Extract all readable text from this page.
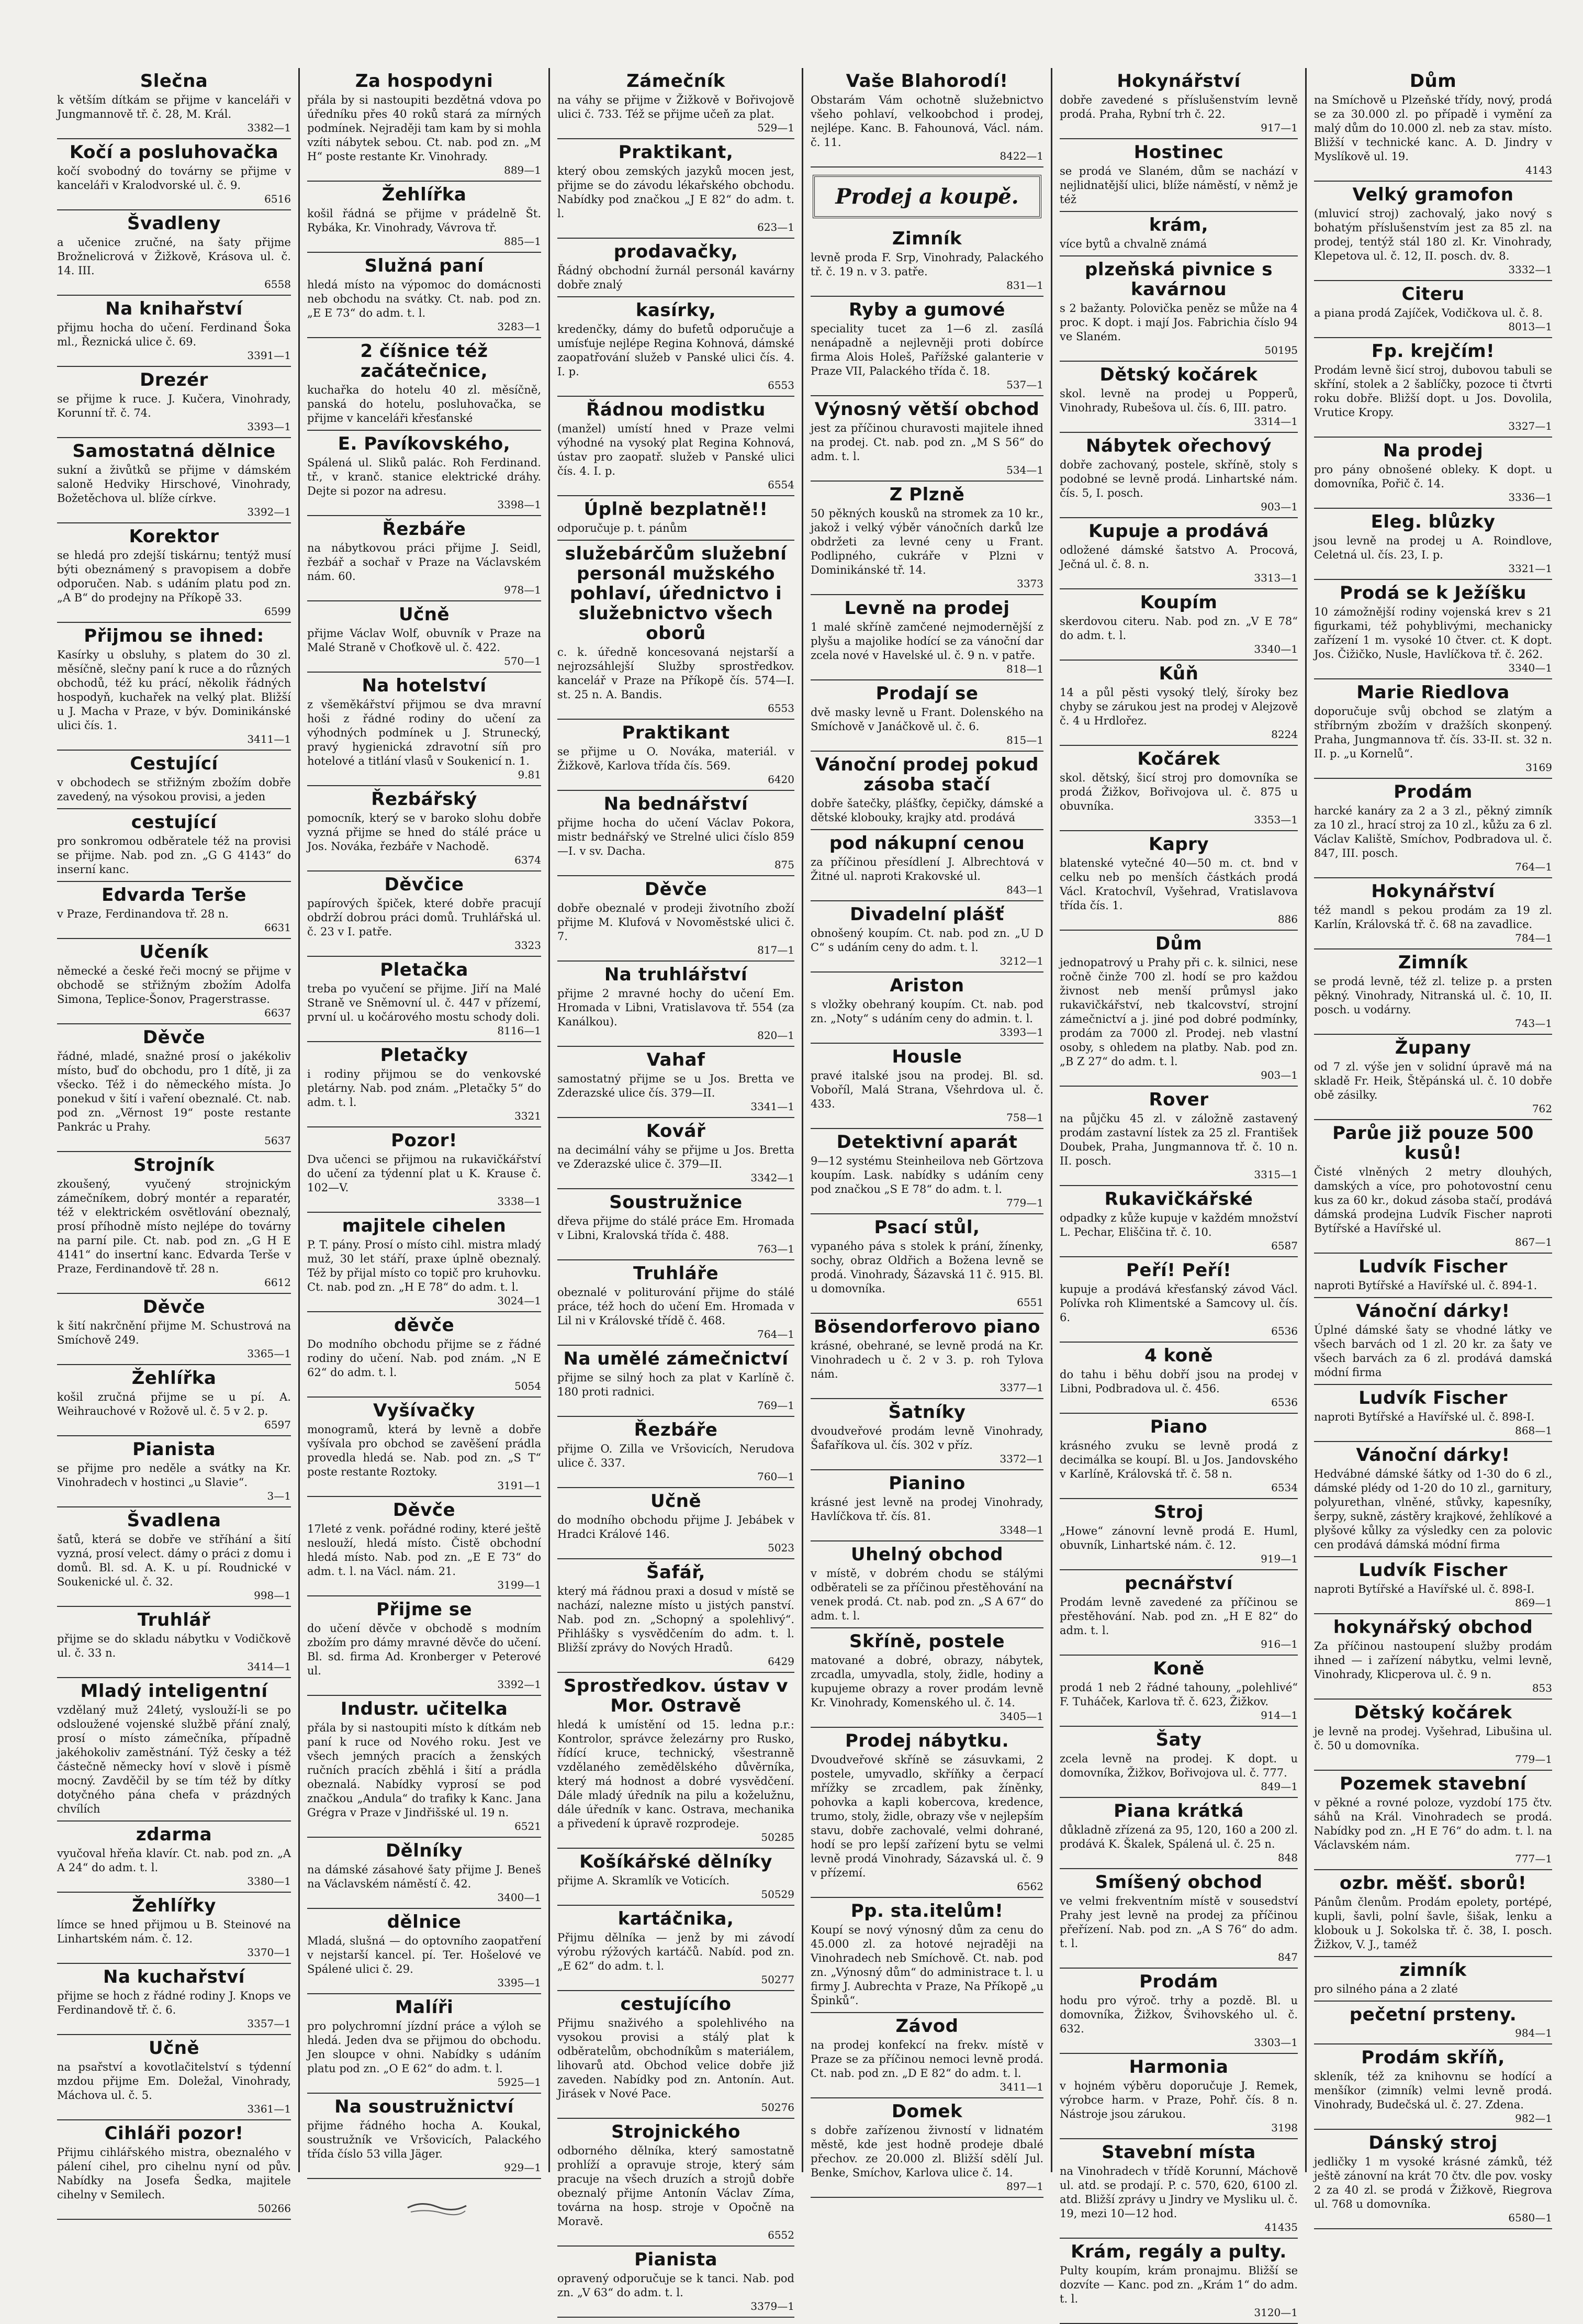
Slečna

k větším dítkám se přijme v kanceláři v Jungmannově tř. č. 28, M. Král.

3382—1
Kočí a posluhovačka

kočí svobodný do továrny se přijme v kanceláři v Kralodvorské ul. č. 9.

6516
Švadleny

a učenice zručné, na šaty přijme Brožnelicrová v Žižkově, Krásova ul. č. 14. III.

6558
Na knihařství

přijmu hocha do učení. Ferdinand Šoka ml., Řeznická ulice č. 69.

3391—1
Drezér

se přijme k ruce. J. Kučera, Vinohrady, Korunní tř. č. 74.

3393—1
Samostatná dělnice

sukní a živůtků se přijme v dámském saloně Hedviky Hirschové, Vinohrady, Božetěchova ul. blíže církve.

3392—1
Korektor

se hledá pro zdejší tiskárnu; tentýž musí býti obeznámený s pravopisem a dobře odporučen. Nab. s udáním platu pod zn. „A B“ do prodejny na Příkopě 33.

6599
Přijmou se ihned:

Kasírky u obsluhy, s platem do 30 zl. měsíčně, slečny paní k ruce a do různých obchodů, též ku prácí, několik řádných hospodyň, kuchařek na velký plat. Bližší u J. Macha v Praze, v býv. Dominikánské ulici čís. 1.

3411—1
Cestující

v obchodech se střižným zbožím dobře zavedený, na výsokou provisi, a jeden

cestující

pro sonkromou odběratele též na provisi se přijme. Nab. pod zn. „G G 4143“ do inserní kanc.

Edvarda Terše

v Praze, Ferdinandova tř. 28 n.

6631
Učeník

německé a české řeči mocný se přijme v obchodě se střižným zbožím Adolfa Simona, Teplice-Šonov, Pragerstrasse.

6637
Děvče

řádné, mladé, snažné prosí o jakékoliv místo, buď do obchodu, pro 1 dítě, ji za všecko. Též i do německého místa. Jo ponekud v šití i vaření obeznalé. Ct. nab. pod zn. „Věrnost 19“ poste restante Pankrác u Prahy.

5637
Strojník

zkoušený, vyučený strojnickým zámečníkem, dobrý montér a reparatér, též v elektrickém osvětlování obeznalý, prosí příhodně místo nejlépe do továrny na parní pile. Ct. nab. pod zn. „G H E 4141“ do insertní kanc. Edvarda Terše v Praze, Ferdinandově tř. 28 n.

6612
Děvče

k šití nakrčnění přijme M. Schustrová na Smíchově 249.

3365—1
Žehlířka

košil zručná přijme se u pí. A. Weihrauchové v Rožově ul. č. 5 v 2. p.

6597
Pianista

se přijme pro neděle a svátky na Kr. Vinohradech v hostinci „u Slavie“.

3—1
Švadlena

šatů, která se dobře ve stříhání a šití vyzná, prosí velect. dámy o práci z domu i domů. Bl. sd. A. K. u pí. Roudnické v Soukenické ul. č. 32.

998—1
Truhlář

přijme se do skladu nábytku v Vodičkově ul. č. 33 n.

3414—1
Mladý inteligentní

vzdělaný muž 24letý, vyslouží-li se po odsloužené vojenské službě přání znalý, prosí o místo zámečníka, případně jakéhokoliv zaměstnání. Týž česky a též částečně německy hoví v slově i písmě mocný. Zavděčil by se tím též by dítky dotyčného pána chefa v prázdných chvílích

zdarma

vyučoval hřeňa klavír. Ct. nab. pod zn. „A A 24“ do adm. t. l.

3380—1
Žehlířky

límce se hned přijmou u B. Steinové na Linhartském nám. č. 12.

3370—1
Na kuchařství

přijme se hoch z řádné rodiny J. Knops ve Ferdinandově tř. č. 6.

3357—1
Učně

na psařství a kovotlačitelství s týdenní mzdou přijme Em. Doležal, Vinohrady, Máchova ul. č. 5.

3361—1
Cihláři pozor!

Přijmu cihlářského mistra, obeznalého v pálení cihel, pro cihelnu nyní od pův. Nabídky na Josefa Šedka, majitele cihelny v Semilech.

50266
Za hospodyni

přála by si nastoupiti bezdětná vdova po úředníku přes 40 roků stará za mírných podmínek. Nejraději tam kam by si mohla vzíti nábytek sebou. Ct. nab. pod zn. „M H“ poste restante Kr. Vinohrady.

889—1
Žehlířka

košil řádná se přijme v prádelně Št. Rybáka, Kr. Vinohrady, Vávrova tř.

885—1
Služná paní

hledá místo na výpomoc do domácnosti neb obchodu na svátky. Ct. nab. pod zn. „E E 73“ do adm. t. l.

3283—1
2 číšnice též začátečnice,

kuchařka do hotelu 40 zl. měsíčně, panská do hotelu, posluhovačka, se přijme v kanceláři křesťanské

E. Pavíkovského,

Spálená ul. Sliků palác. Roh Ferdinand. tř., v kranč. stanice elektrické dráhy. Dejte si pozor na adresu.

3398—1
Řezbáře

na nábytkovou práci přijme J. Seidl, řezbář a sochař v Praze na Václavském nám. 60.

978—1
Učně

přijme Václav Wolf, obuvník v Praze na Malé Straně v Choťkově ul. č. 422.

570—1
Na hotelství

z všeměkářství přijmou se dva mravní hoši z řádné rodiny do učení za výhodných podmínek u J. Strunecký, pravý hygienická zdravotní síň pro hotelové a titlání vlasů v Soukenicí n. 1.

9.81
Řezbářský

pomocník, který se v baroko slohu dobře vyzná přijme se hned do stálé práce u Jos. Nováka, řezbáře v Nachodě.

6374
Děvčice

papírových špiček, které dobře pracují obdrží dobrou práci domů. Truhlářská ul. č. 23 v I. patře.

3323
Pletačka

treba po vyučení se přijme. Jiří na Malé Straně ve Sněmovní ul. č. 447 v přízemí, první ul. u kočárového mostu schody doli.

8116—1
Pletačky

i rodiny přijmou se do venkovské pletárny. Nab. pod znám. „Pletačky 5“ do adm. t. l.

3321
Pozor!

Dva učenci se přijmou na rukavičkářství do učení za týdenní plat u K. Krause č. 102—V.

3338—1
majitele cihelen

P. T. pány. Prosí o místo cihl. mistra mladý muž, 30 let stáří, praxe úplně obeznalý. Též by přijal místo co topič pro kruhovku. Ct. nab. pod zn. „H E 78“ do adm. t. l.

3024—1
děvče

Do modního obchodu přijme se z řádné rodiny do učení. Nab. pod znám. „N E 62“ do adm. t. l.

5054
Vyšívačky

monogramů, která by levně a dobře vyšívala pro obchod se zavěšení prádla provedla hledá se. Nab. pod zn. „S T“ poste restante Roztoky.

3191—1
Děvče

17leté z venk. pořádné rodiny, které ještě neslouží, hledá místo. Čistě obchodní hledá místo. Nab. pod zn. „E E 73“ do adm. t. l. na Václ. nám. 21.

3199—1
Přijme se

do učení děvče v obchodě s modním zbožím pro dámy mravné děvče do učení. Bl. sd. firma Ad. Kronberger v Peterové ul.

3392—1
Industr. učitelka

přála by si nastoupiti místo k dítkám neb paní k ruce od Nového roku. Jest ve všech jemných pracích a ženských ručních pracích zběhlá i šití a prádla obeznalá. Nabídky vyprosí se pod značkou „Andula“ do trafiky k Kanc. Jana Grégra v Praze v Jindřišské ul. 19 n.

6521
Dělníky

na dámské zásahové šaty přijme J. Beneš na Václavském náměstí č. 42.

3400—1
dělnice

Mladá, slušná — do optovního zaopatření v nejstarší kancel. pí. Ter. Hošelové ve Spálené ulici č. 29.

3395—1
Malíři

pro polychromní jízdní práce a výloh se hledá. Jeden dva se přijmou do obchodu. Jen sloupce v ohni. Nabídky s udáním platu pod zn. „O E 62“ do adm. t. l.

5925—1
Na soustružnictví

přijme řádného hocha A. Koukal, soustružník ve Vršovicích, Palackého třída číslo 53 villa Jäger.

929—1
Zámečník

na váhy se přijme v Žižkově v Bořivojově ulici č. 733. Též se přijme učeň za plat.

529—1
Praktikant,

který obou zemských jazyků mocen jest, přijme se do závodu lékařského obchodu. Nabídky pod značkou „J E 82“ do adm. t. l.

623—1
prodavačky,

Řádný obchodní žurnál personál kavárny dobře znalý

kasírky,

kredenčky, dámy do bufetů odporučuje a umísťuje nejlépe Regina Kohnová, dámské zaopatřování služeb v Panské ulici čís. 4. I. p.

6553
Řádnou modistku

(manžel) umístí hned v Praze velmi výhodné na vysoký plat Regina Kohnová, ústav pro zaopatř. služeb v Panské ulici čís. 4. I. p.

6554
Úplně bezplatně!!

odporučuje p. t. pánům

služebárčům služební personál mužského pohlaví, úřednictvo i služebnictvo všech oborů

c. k. úředně koncesovaná nejstarší a nejrozsáhlejší Služby sprostředkov. kancelář v Praze na Příkopě čís. 574—I. st. 25 n. A. Bandis.

6553
Praktikant

se přijme u O. Nováka, materiál. v Žižkově, Karlova třída čís. 569.

6420
Na bednářství

přijme hocha do učení Václav Pokora, mistr bednářský ve Strelné ulici číslo 859—I. v sv. Dacha.

875
Děvče

dobře obeznalé v prodeji životního zboží přijme M. Klufová v Novoměstské ulici č. 7.

817—1
Na truhlářství

přijme 2 mravné hochy do učení Em. Hromada v Libni, Vratislavova tř. 554 (za Kanálkou).

820—1
Vahaf

samostatný přijme se u Jos. Bretta ve Zderazské ulice čís. 379—II.

3341—1
Kovář

na decimální váhy se přijme u Jos. Bretta ve Zderazské ulice č. 379—II.

3342—1
Soustružnice

dřeva přijme do stálé práce Em. Hromada v Libni, Kralovská třída č. 488.

763—1
Truhláře

obeznalé v politurování přijme do stálé práce, též hoch do učení Em. Hromada v Lil ni v Královské třídě č. 468.

764—1
Na umělé zámečnictví

přijme se silný hoch za plat v Karlíně č. 180 proti radnici.

769—1
Řezbáře

přijme O. Zilla ve Vršovicích, Nerudova ulice č. 337.

760—1
Učně

do modního obchodu přijme J. Jebábek v Hradci Králové 146.

5023
Šafář,

který má řádnou praxi a dosud v místě se nachází, nalezne místo u jistých panství. Nab. pod zn. „Schopný a spolehlivý“. Přihlášky s vysvědčením do adm. t. l. Bližší zprávy do Nových Hradů.

6429
Sprostředkov. ústav v Mor. Ostravě

hledá k umístění od 15. ledna p.r.: Kontrolor, správce železárny pro Rusko, řídící kruce, technický, všestranně vzdělaného zemědělského důvěrníka, který má hodnost a dobré vysvědčení. Dále mladý úředník na pilu a koželužnu, dále úředník v kanc. Ostrava, mechanika a přivedení k úpravě rozprodeje.

50285
Košíkářské dělníky

přijme A. Skramlík ve Voticích.

50529
kartáčnika,

Přijmu dělníka — jenž by mi závodí výrobu rýžových kartáčů. Nabíd. pod zn. „E 62“ do adm. t. l.

50277
cestujícího

Přijmu snaživého a spolehlivého na vysokou provisi a stálý plat k odběratelům, obchodníkům s materiálem, lihovarů atd. Obchod velice dobře již zaveden. Nabídky pod zn. Antonín. Aut. Jirásek v Nové Pace.

50276
Strojnického

odborného dělníka, který samostatně prohlíží a opravuje stroje, který sám pracuje na všech druzích a strojů dobře obeznalý přijme Antonín Václav Zíma, továrna na hosp. stroje v Opočně na Moravě.

6552
Pianista

opravený odporučuje se k tanci. Nab. pod zn. „V 63“ do adm. t. l.

3379—1
Vaše Blahorodí!

Obstarám Vám ochotně služebnictvo všeho pohlaví, velkoobchod i prodej, nejlépe. Kanc. B. Fahounová, Václ. nám. č. 11.

8422—1
Prodej a koupě.
Zimník

levně proda F. Srp, Vinohrady, Palackého tř. č. 19 n. v 3. patře.

831—1
Ryby a gumové

speciality tucet za 1—6 zl. zasílá nenápadně a nejlevněji proti dobírce firma Alois Holeš, Pařížské galanterie v Praze VII, Palackého třída č. 18.

537—1
Výnosný větší obchod

jest za příčinou churavosti majitele ihned na prodej. Ct. nab. pod zn. „M S 56“ do adm. t. l.

534—1
Z Plzně

50 pěkných kousků na stromek za 10 kr., jakož i velký výběr vánočních darků lze obdržeti za levné ceny u Frant. Podlipného, cukráře v Plzni v Dominikánské tř. 14.

3373
Levně na prodej

1 malé skříně zamčené nejmodernější z plyšu a majolike hodící se za vánoční dar zcela nové v Havelské ul. č. 9 n. v patře.

818—1
Prodají se

dvě masky levně u Frant. Dolenského na Smíchově v Janáčkově ul. č. 6.

815—1
Vánoční prodej pokud zásoba stačí

dobře šatečky, plášťky, čepičky, dámské a dětské klobouky, krajky atd. prodává

pod nákupní cenou

za příčinou přesídlení J. Albrechtová v Žitné ul. naproti Krakovské ul.

843—1
Divadelní plášť

obnošený koupím. Ct. nab. pod zn. „U D C“ s udáním ceny do adm. t. l.

3212—1
Ariston

s vložky obehraný koupím. Ct. nab. pod zn. „Noty“ s udáním ceny do admin. t. l.

3393—1
Housle

pravé italské jsou na prodej. Bl. sd. Voboříl, Malá Strana, Všehrdova ul. č. 433.

758—1
Detektivní aparát

9—12 systému Steinheilova neb Görtzova koupím. Lask. nabídky s udáním ceny pod značkou „S E 78“ do adm. t. l.

779—1
Psací stůl,

vypaného páva s stolek k prání, žínenky, sochy, obraz Oldřich a Božena levně se prodá. Vinohrady, Šázavská 11 č. 915. Bl. u domovníka.

6551
Bösendorferovo piano

krásné, obehrané, se levně prodá na Kr. Vinohradech u č. 2 v 3. p. roh Tylova nám.

3377—1
Šatníky

dvoudveřové prodám levně Vinohrady, Šafaříkova ul. čís. 302 v příz.

3372—1
Pianino

krásné jest levně na prodej Vinohrady, Havlíčkova tř. čís. 81.

3348—1
Uhelný obchod

v místě, v dobrém chodu se stálými odběrateli se za příčinou přestěhování na venek prodá. Ct. nab. pod zn. „S A 67“ do adm. t. l.

Skříně, postele

matované a dobré, obrazy, nábytek, zrcadla, umyvadla, stoly, židle, hodiny a kupujeme obrazy a rover prodám levně Kr. Vinohrady, Komenského ul. č. 14.

3405—1
Prodej nábytku.

Dvoudveřové skříně se zásuvkami, 2 postele, umyvadlo, skříňky a čerpací mřížky se zrcadlem, pak žíněnky, pohovka a kapli kobercova, kredence, trumo, stoly, židle, obrazy vše v nejlepším stavu, dobře zachovalé, velmi dohrané, hodí se pro lepší zařízení bytu se velmi levně prodá Vinohrady, Sázavská ul. č. 9 v přízemí.

6562
Pp. sta.itelům!

Koupí se nový výnosný dům za cenu do 45.000 zl. za hotové nejraději na Vinohradech neb Smíchově. Ct. nab. pod zn. „Výnosný dům“ do administrace t. l. u firmy J. Aubrechta v Praze, Na Příkopě „u Špinků“.

Závod

na prodej konfekcí na frekv. místě v Praze se za příčinou nemoci levně prodá. Ct. nab. pod zn. „D E 82“ do adm. t. l.

3411—1
Domek

s dobře zařízenou živností v lidnatém městě, kde jest hodně prodeje dbalé přechov. ze 20.000 zl. Bližší sdělí Jul. Benke, Smíchov, Karlova ulice č. 14.

897—1
Hokynářství

dobře zavedené s příslušenstvím levně prodá. Praha, Rybní trh č. 22.

917—1
Hostinec

se prodá ve Slaném, dům se nachází v nejlidnatější ulici, blíže náměstí, v němž je též

krám,

více bytů a chvalně známá

plzeňská pivnice s kavárnou

s 2 bažanty. Polovička peněz se může na 4 proc. K dopt. i mají Jos. Fabrichia číslo 94 ve Slaném.

50195
Dětský kočárek

skol. levně na prodej u Popperů, Vinohrady, Rubešova ul. čís. 6, III. patro.

3314—1
Nábytek ořechový

dobře zachovaný, postele, skříně, stoly s podobné se levně prodá. Linhartské nám. čís. 5, I. posch.

903—1
Kupuje a prodává

odložené dámské šatstvo A. Procová, Ječná ul. č. 8. n.

3313—1
Koupím

skerdovou citeru. Nab. pod zn. „V E 78“ do adm. t. l.

3340—1
Kůň

14 a půl pěsti vysoký tlelý, šíroky bez chyby se zárukou jest na prodej v Alejzově č. 4 u Hrdlořez.

8224
Kočárek

skol. dětský, šicí stroj pro domovníka se prodá Žižkov, Bořivojova ul. č. 875 u obuvníka.

3353—1
Kapry

blatenské vytečné 40—50 m. ct. bnd v celku neb po menších částkách prodá Václ. Kratochvíl, Vyšehrad, Vratislavova třída čís. 1.

886
Dům

jednopatrový u Prahy při c. k. silnici, nese ročně činže 700 zl. hodí se pro každou živnost neb menší průmysl jako rukavičkářství, neb tkalcovství, strojní zámečnictví a j. jiné pod dobré podmínky, prodám za 7000 zl. Prodej. neb vlastní osoby, s ohledem na platby. Nab. pod zn. „B Z 27“ do adm. t. l.

903—1
Rover

na půjčku 45 zl. v záložně zastavený prodám zastavní lístek za 25 zl. František Doubek, Praha, Jungmannova tř. č. 10 n. II. posch.

3315—1
Rukavičkářské

odpadky z kůže kupuje v každém množství L. Pechar, Eliščina tř. č. 10.

6587
Peří! Peří!

kupuje a prodává křesťanský závod Václ. Polívka roh Klimentské a Samcovy ul. čís. 6.

6536
4 koně

do tahu i běhu dobří jsou na prodej v Libni, Podbradova ul. č. 456.

6536
Piano

krásného zvuku se levně prodá z decimálka se koupí. Bl. u Jos. Jandovského v Karlíně, Královská tř. č. 58 n.

6534
Stroj

„Howe“ zánovní levně prodá E. Huml, obuvník, Linhartské nám. č. 12.

919—1
pecnářství

Prodám levně zavedené za příčinou se přestěhování. Nab. pod zn. „H E 82“ do adm. t. l.

916—1
Koně

prodá 1 neb 2 řádné tahouny, „polehlivé“ F. Tuháček, Karlova tř. č. 623, Žižkov.

914—1
Šaty

zcela levně na prodej. K dopt. u domovníka, Žižkov, Bořivojova ul. č. 777.

849—1
Piana krátká

důkladně zřízená za 95, 120, 160 a 200 zl. prodává K. Škalek, Spálená ul. č. 25 n.

848
Smíšený obchod

ve velmi frekventním místě v sousedství Prahy jest levně na prodej za příčinou přeřízení. Nab. pod zn. „A S 76“ do adm. t. l.

847
Prodám

hodu pro výroč. trhy a pozdě. Bl. u domovníka, Žižkov, Švihovského ul. č. 632.

3303—1
Harmonia

v hojném výběru doporučuje J. Remek, výrobce harm. v Praze, Pohř. čís. 8 n. Nástroje jsou zárukou.

3198
Stavební místa

na Vinohradech v třídě Korunní, Máchově ul. atd. se prodají. P. c. 570, 620, 6100 zl. atd. Bližší zprávy u Jindry ve Mysliku ul. č. 19, mezi 10—12 hod.

41435
Krám, regály a pulty.

Pulty koupím, krám pronajmu. Bližší se dozvíte — Kanc. pod zn. „Krám 1“ do adm. t. l.

3120—1
Dům

na Smíchově u Plzeňské třídy, nový, prodá se za 30.000 zl. po případě i vymění za malý dům do 10.000 zl. neb za stav. místo. Bližší v technické kanc. A. D. Jindry v Myslíkově ul. 19.

4143
Velký gramofon

(mluvicí stroj) zachovalý, jako nový s bohatým příslušenstvím jest za 85 zl. na prodej, tentýž stál 180 zl. Kr. Vinohrady, Klepetova ul. č. 12, II. posch. dv. 8.

3332—1
Citeru

a piana prodá Zajíček, Vodičkova ul. č. 8.

8013—1
Fp. krejčím!

Prodám levně šicí stroj, dubovou tabuli se skříní, stolek a 2 šablíčky, pozoce ti čtvrti roku dobře. Bližší dopt. u Jos. Dovolila, Vrutice Kropy.

3327—1
Na prodej

pro pány obnošené obleky. K dopt. u domovníka, Pořič č. 14.

3336—1
Eleg. blůzky

jsou levně na prodej u A. Roindlove, Celetná ul. čís. 23, I. p.

3321—1
Prodá se k Ježíšku

10 zámožnější rodiny vojenská krev s 21 figurkami, též pohyblivými, mechanicky zařízení 1 m. vysoké 10 čtver. ct. K dopt. Jos. Čižičko, Nusle, Havlíčkova tř. č. 262.

3340—1
Marie Riedlova

doporučuje svůj obchod se zlatým a stříbrným zbožím v dražších skonpený. Praha, Jungmannova tř. čís. 33-II. st. 32 n. II. p. „u Kornelů“.

3169
Prodám

harcké kanáry za 2 a 3 zl., pěkný zimník za 10 zl., hrací stroj za 10 zl., kůžu za 6 zl. Václav Kaliště, Smíchov, Podbradova ul. č. 847, III. posch.

764—1
Hokynářství

též mandl s pekou prodám za 19 zl. Karlín, Královská tř. č. 68 na zavadlice.

784—1
Zimník

se prodá levně, též zl. telize p. a prsten pěkný. Vinohrady, Nitranská ul. č. 10, II. posch. u vodárny.

743—1
Župany

od 7 zl. výše jen v solidní úpravě má na skladě Fr. Heik, Štěpánská ul. č. 10 dobře obě zásilky.

762
Parůe již pouze 500 kusů!

Čisté vlněných 2 metry dlouhých, damských a více, pro pohotovostní cenu kus za 60 kr., dokud zásoba stačí, prodává dámská prodejna Ludvík Fischer naproti Bytířské a Havířské ul.

867—1
Ludvík Fischer

naproti Bytířské a Havířské ul. č. 894-1.

Vánoční dárky!

Úplné dámské šaty se vhodné látky ve všech barvách od 1 zl. 20 kr. za šaty ve všech barvách za 6 zl. prodává damská módní firma

Ludvík Fischer

naproti Bytířské a Havířské ul. č. 898-I.

868—1
Vánoční dárky!

Hedvábné dámské šátky od 1-30 do 6 zl., dámské plédy od 1-20 do 10 zl., garnitury, polyurethan, vlněné, stůvky, kapesníky, šerpy, sukně, zástěry krajkové, žehlíkové a plyšové kůlky za výsledky cen za polovic cen prodává dámská módní firma

Ludvík Fischer

naproti Bytířské a Havířské ul. č. 898-I.

869—1
hokynářský obchod

Za příčinou nastoupení služby prodám ihned — i zařízení nábytku, velmi levně, Vinohrady, Klicperova ul. č. 9 n.

853
Dětský kočárek

je levně na prodej. Vyšehrad, Libušina ul. č. 50 u domovníka.

779—1
Pozemek stavební

v pěkné a rovné poloze, vyzdobí 175 čtv. sáhů na Král. Vinohradech se prodá. Nabídky pod zn. „H E 76“ do adm. t. l. na Václavském nám.

777—1
ozbr. měšť. sborů!

Pánům členům. Prodám epolety, portépé, kupli, šavli, polní šavle, šišak, lenku a klobouk u J. Sokolska tř. č. 38, I. posch. Žižkov, V. J., taméž

zimník

pro silného pána a 2 zlaté

pečetní prsteny.
984—1
Prodám skříň,

skleník, též za knihovnu se hodící a menšíkor (zimník) velmi levně prodá. Vinohrady, Budečská ul. č. 27. Zdena.

982—1
Dánský stroj

jedličky 1 m vysoké krásné zámků, též ještě zánovní na krát 70 čtv. dle pov. vosky 2 za 40 zl. se prodá v Žižkově, Riegrova ul. 768 u domovníka.

6580—1
